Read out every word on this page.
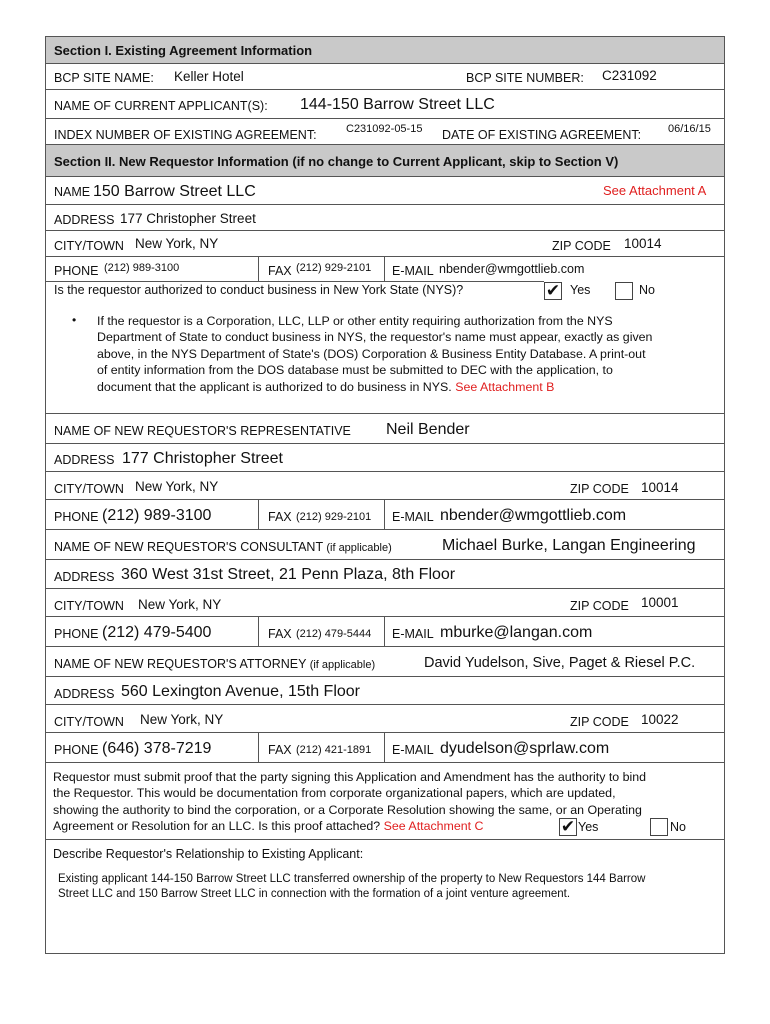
Section I. Existing Agreement Information
BCP SITE NAME: Keller Hotel	BCP SITE NUMBER: C231092
NAME OF CURRENT APPLICANT(S): 144-150 Barrow Street LLC
INDEX NUMBER OF EXISTING AGREEMENT:	C231092-05-15 DATE OF EXISTING AGREEMENT: 06/16/15
Section II. New Requestor Information (if no change to Current Applicant, skip to Section V)
NAME 150 Barrow Street LLC	See Attachment A
ADDRESS 177 Christopher Street
CITY/TOWN New York, NY	ZIP CODE 10014
PHONE (212) 989-3100	FAX (212) 929-2101 E-MAIL nbender@wmgottlieb.com
Is the requestor authorized to conduct business in New York State (NYS)?	✔ Yes	No
• If the requestor is a Corporation, LLC, LLP or other entity requiring authorization from the NYS
Department of State to conduct business in NYS, the requestor's name must appear, exactly as given
above, in the NYS Department of State's (DOS) Corporation & Business Entity Database. A print-out
of entity information from the DOS database must be submitted to DEC with the application, to
document that the applicant is authorized to do business in NYS. See Attachment B
NAME OF NEW REQUESTOR'S REPRESENTATIVE Neil Bender
ADDRESS 177 Christopher Street
CITY/TOWN New York, NY	ZIP CODE 10014
PHONE (212) 989-3100	FAX (212) 929-2101 E-MAIL nbender@wmgottlieb.com
NAME OF NEW REQUESTOR'S CONSULTANT (if applicable)	Michael Burke, Langan Engineering
ADDRESS 360 West 31st Street, 21 Penn Plaza, 8th Floor
CITY/TOWN New York, NY	ZIP CODE 10001
PHONE (212) 479-5400	FAX (212) 479-5444 E-MAIL mburke@langan.com
NAME OF NEW REQUESTOR'S ATTORNEY (if applicable)	David Yudelson, Sive, Paget & Riesel P.C.
ADDRESS 560 Lexington Avenue, 15th Floor
CITY/TOWN New York, NY	ZIP CODE 10022
PHONE (646) 378-7219	FAX (212) 421-1891 E-MAIL dyudelson@sprlaw.com
Requestor must submit proof that the party signing this Application and Amendment has the authority to bind
the Requestor. This would be documentation from corporate organizational papers, which are updated,
showing the authority to bind the corporation, or a Corporate Resolution showing the same, or an Operating
Agreement or Resolution for an LLC. Is this proof attached? See Attachment C	✔ Yes	No
Describe Requestor's Relationship to Existing Applicant:
Existing applicant 144-150 Barrow Street LLC transferred ownership of the property to New Requestors 144 Barrow
Street LLC and 150 Barrow Street LLC in connection with the formation of a joint venture agreement.
